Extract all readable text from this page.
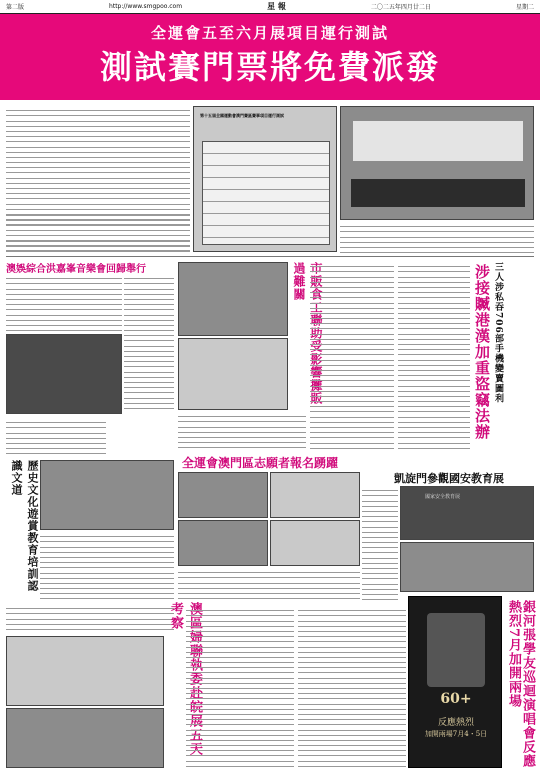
第二版	http://www.smgpoo.com	星 報	二〇二五年四月廿二日	星期二
全運會五至六月展項目運行測試
測試賽門票將免費派發
第十五屆全國運動會澳門賽區賽事項目運行測試
澳娛綜合洪嘉峯音樂會回歸舉行	市販食工聯助受影響攤販過難關	三人涉私吞706部手機變賣圖利
涉接贓港漢加重盜竊法辦
歷史文化遊賞教育培訓認識文道	全運會澳門區志願者報名踴躍
凱旋門參觀國安教育展
國家安全教育展
澳區婦聯執委赴皖展五天考察
60+
反應熱烈
加開兩場7月4・5日	銀河張學友巡迴演唱會反應熱烈7月加開兩場
